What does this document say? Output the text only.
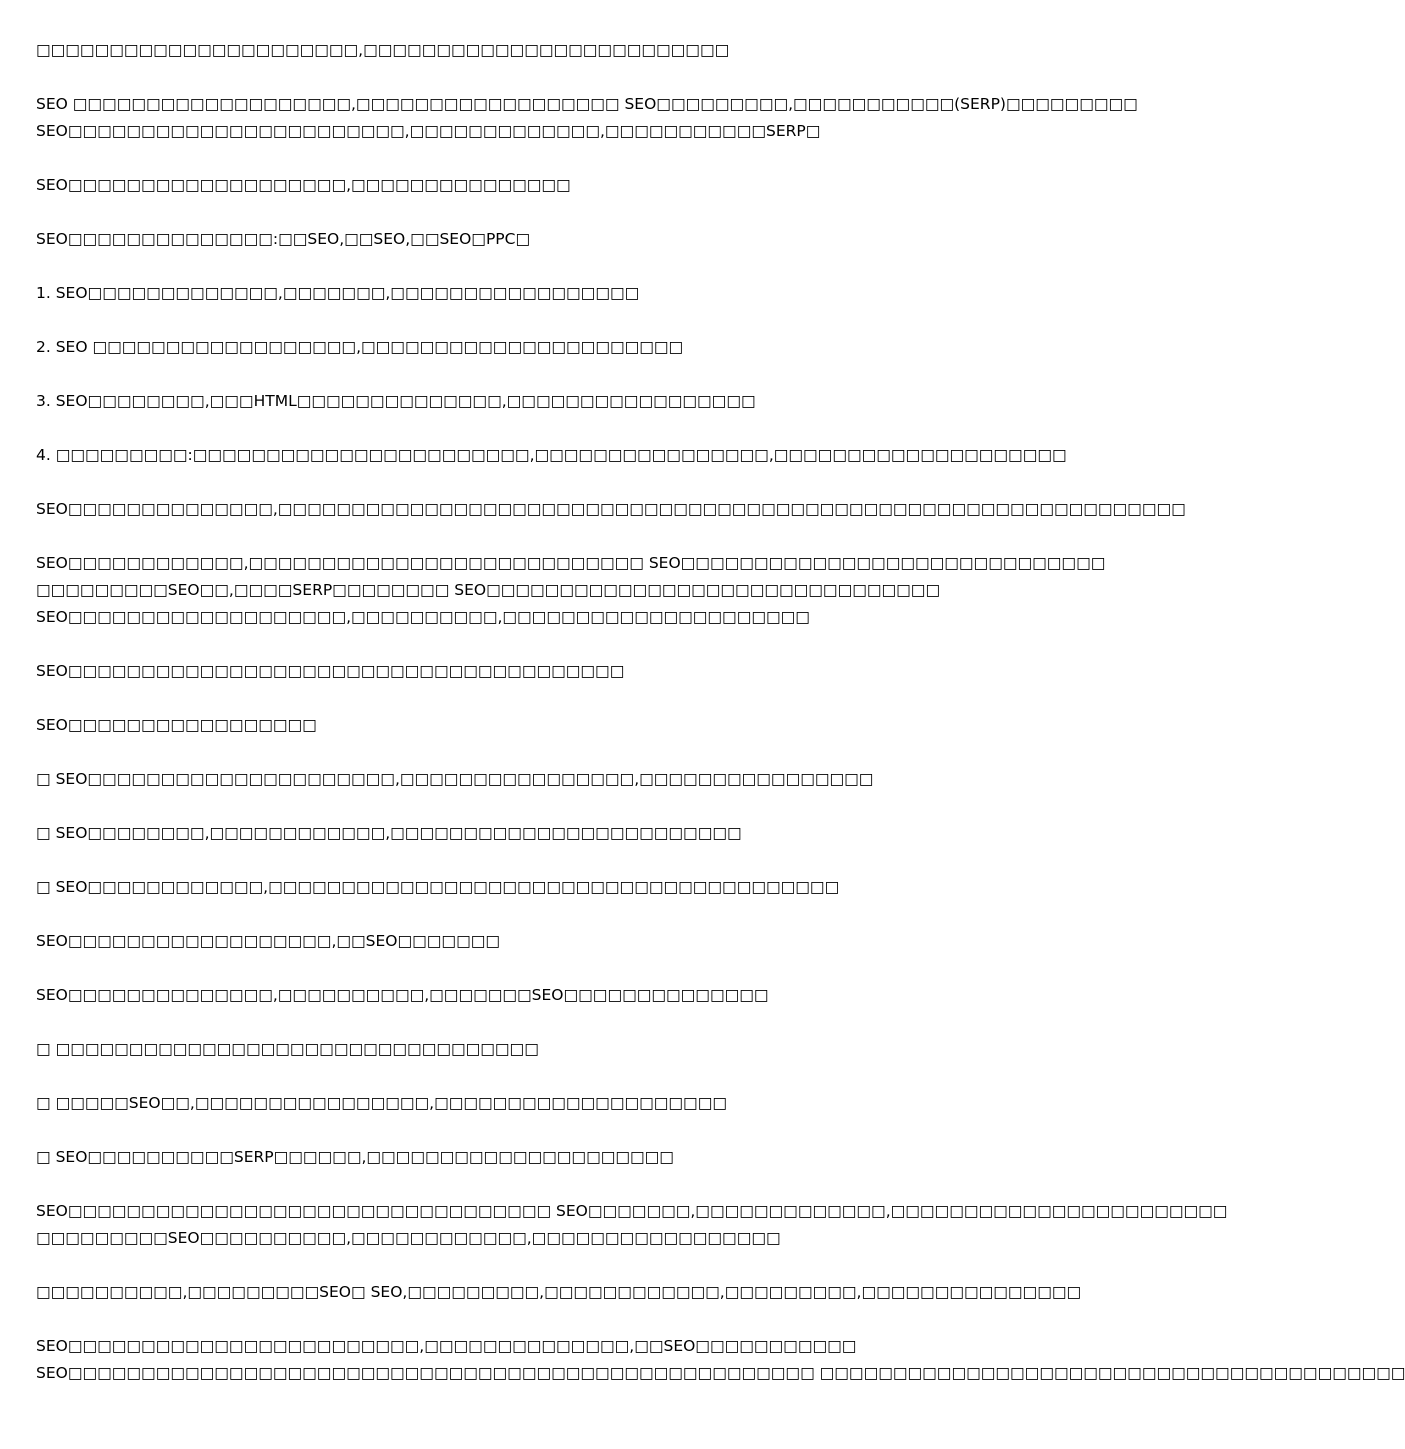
□□□□□□□□□□□□□□□□□□□□□□,□□□□□□□□□□□□□□□□□□□□□□□□□

SEO □□□□□□□□□□□□□□□□□□□,□□□□□□□□□□□□□□□□□□ SEO□□□□□□□□□,□□□□□□□□□□□(SERP)□□□□□□□□□
SEO□□□□□□□□□□□□□□□□□□□□□□□,□□□□□□□□□□□□□,□□□□□□□□□□□SERP□

SEO□□□□□□□□□□□□□□□□□□□,□□□□□□□□□□□□□□□

SEO□□□□□□□□□□□□□□:□□SEO,□□SEO,□□SEO□PPC□

1. SEO□□□□□□□□□□□□□,□□□□□□□,□□□□□□□□□□□□□□□□□

2. SEO □□□□□□□□□□□□□□□□□□,□□□□□□□□□□□□□□□□□□□□□□

3. SEO□□□□□□□□,□□□HTML□□□□□□□□□□□□□□,□□□□□□□□□□□□□□□□□

4. □□□□□□□□□:□□□□□□□□□□□□□□□□□□□□□□□,□□□□□□□□□□□□□□□□,□□□□□□□□□□□□□□□□□□□□

SEO□□□□□□□□□□□□□□,□□□□□□□□□□□□□□□□□□□□□□□□□□□□□□□□□□□□□□□□□□□□□□□□□□□□□□□□□□□□□□

SEO□□□□□□□□□□□□,□□□□□□□□□□□□□□□□□□□□□□□□□□□ SEO□□□□□□□□□□□□□□□□□□□□□□□□□□□□□
□□□□□□□□□SEO□□,□□□□SERP□□□□□□□□ SEO□□□□□□□□□□□□□□□□□□□□□□□□□□□□□□□
SEO□□□□□□□□□□□□□□□□□□□,□□□□□□□□□□,□□□□□□□□□□□□□□□□□□□□□

SEO□□□□□□□□□□□□□□□□□□□□□□□□□□□□□□□□□□□□□□

SEO□□□□□□□□□□□□□□□□□

□ SEO□□□□□□□□□□□□□□□□□□□□□,□□□□□□□□□□□□□□□□,□□□□□□□□□□□□□□□□

□ SEO□□□□□□□□,□□□□□□□□□□□□,□□□□□□□□□□□□□□□□□□□□□□□□

□ SEO□□□□□□□□□□□□,□□□□□□□□□□□□□□□□□□□□□□□□□□□□□□□□□□□□□□□

SEO□□□□□□□□□□□□□□□□□□,□□SEO□□□□□□□

SEO□□□□□□□□□□□□□□,□□□□□□□□□□,□□□□□□□SEO□□□□□□□□□□□□□□

□ □□□□□□□□□□□□□□□□□□□□□□□□□□□□□□□□□

□ □□□□□SEO□□,□□□□□□□□□□□□□□□□,□□□□□□□□□□□□□□□□□□□□

□ SEO□□□□□□□□□□SERP□□□□□□,□□□□□□□□□□□□□□□□□□□□□

SEO□□□□□□□□□□□□□□□□□□□□□□□□□□□□□□□□□ SEO□□□□□□□,□□□□□□□□□□□□□,□□□□□□□□□□□□□□□□□□□□□□□
□□□□□□□□□SEO□□□□□□□□□□,□□□□□□□□□□□□,□□□□□□□□□□□□□□□□□

□□□□□□□□□□,□□□□□□□□□SEO□ SEO,□□□□□□□□□,□□□□□□□□□□□□,□□□□□□□□□,□□□□□□□□□□□□□□□

SEO□□□□□□□□□□□□□□□□□□□□□□□□,□□□□□□□□□□□□□□,□□SEO□□□□□□□□□□□
SEO□□□□□□□□□□□□□□□□□□□□□□□□□□□□□□□□□□□□□□□□□□□□□□□□□□□ □□□□□□□□□□□□□□□□□□□□□□□□□□□□□□□□□□□□□□□□
